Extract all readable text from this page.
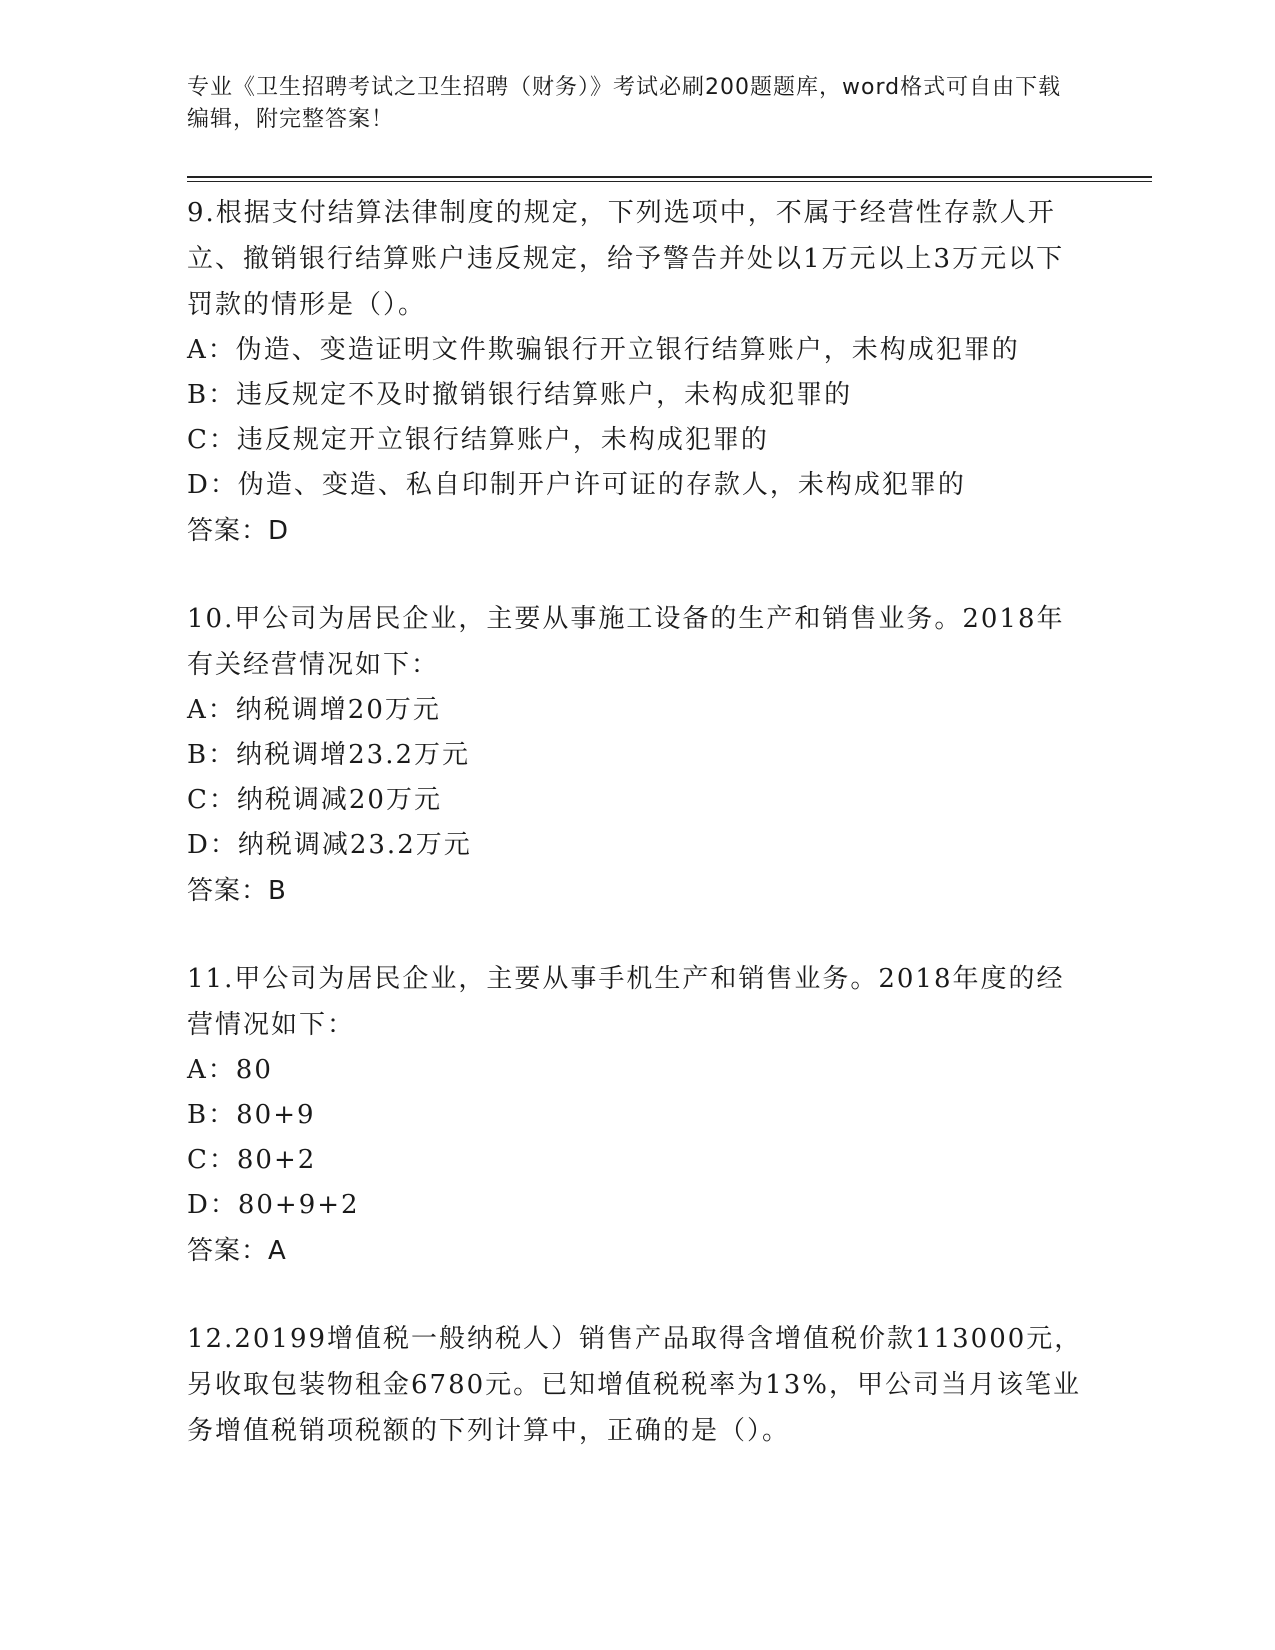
专业《卫生招聘考试之卫生招聘（财务）》考试必刷200题题库，word格式可自由下载编辑，附完整答案！

9.根据支付结算法律制度的规定，下列选项中，不属于经营性存款人开立、撤销银行结算账户违反规定，给予警告并处以1万元以上3万元以下罚款的情形是（）。

A：伪造、变造证明文件欺骗银行开立银行结算账户，未构成犯罪的

B：违反规定不及时撤销银行结算账户，未构成犯罪的

C：违反规定开立银行结算账户，未构成犯罪的

D：伪造、变造、私自印制开户许可证的存款人，未构成犯罪的

答案：D

10.甲公司为居民企业，主要从事施工设备的生产和销售业务。2018年有关经营情况如下：

A：纳税调增20万元

B：纳税调增23.2万元

C：纳税调减20万元

D：纳税调减23.2万元

答案：B

11.甲公司为居民企业，主要从事手机生产和销售业务。2018年度的经营情况如下：

A：80

B：80+9

C：80+2

D：80+9+2

答案：A

12.20199增值税一般纳税人）销售产品取得含增值税价款113000元，另收取包装物租金6780元。已知增值税税率为13%，甲公司当月该笔业务增值税销项税额的下列计算中，正确的是（）。
